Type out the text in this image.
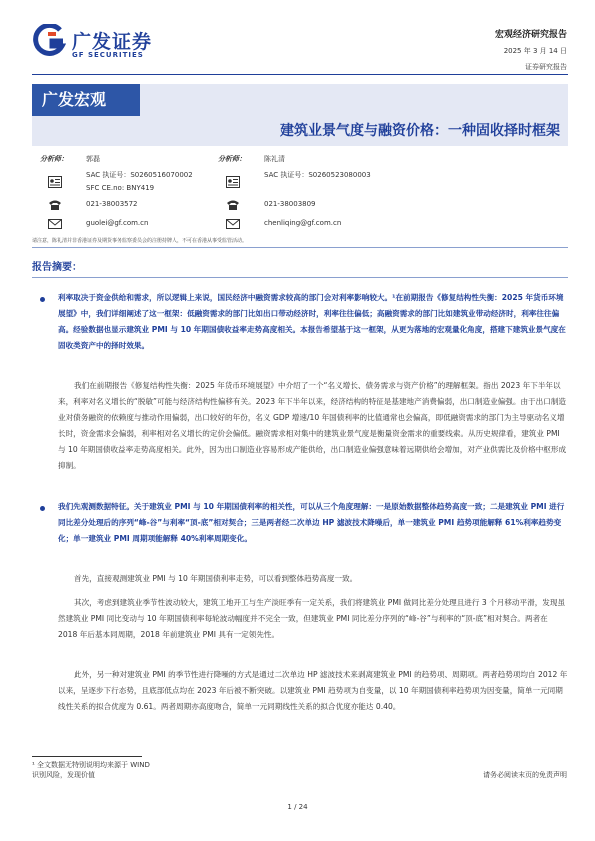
广发证券
GF SECURITIES
宏观经济研究报告
2025 年 3 月 14 日
证券研究报告
广发宏观
建筑业景气度与融资价格：一种固收择时框架
分析师：	郭磊
SAC 执证号：S0260516070002
SFC CE.no: BNY419
021-38003572
guolei@gf.com.cn
分析师：	陈礼清
SAC 执证号：S0260523080003
021-38003809
chenliqing@gf.com.cn
请注意，陈礼清并非香港证券及期货事务监察委员会的注册持牌人，不可在香港从事受监管活动。
报告摘要：
利率取决于资金供给和需求，所以逻辑上来说，国民经济中融资需求较高的部门会对利率影响较大。¹在前期报告《修复结构性失衡：2025 年货币环境展望》中，我们详细阐述了这一框架：低融资需求的部门比如出口带动经济时，利率往往偏低；高融资需求的部门比如建筑业带动经济时，利率往往偏高。经验数据也显示建筑业 PMI 与 10 年期国债收益率走势高度相关。本报告希望基于这一框架，从更为落地的宏观量化角度，搭建下建筑业景气度在固收类资产中的择时效果。
我们在前期报告《修复结构性失衡：2025 年货币环境展望》中介绍了一个“名义增长、债务需求与资产价格”的理解框架。指出 2023 年下半年以来，利率对名义增长的“脱敏”可能与经济结构性偏移有关。2023 年下半年以来，经济结构的特征是基建地产消费偏弱，出口制造业偏强。由于出口制造业对债务融资的依赖度与推动作用偏弱，出口较好的年份，名义 GDP 增速/10 年国债利率的比值通常也会偏高，即低融资需求的部门为主导驱动名义增长时，资金需求会偏弱，利率相对名义增长的定价会偏低。融资需求相对集中的建筑业景气度是衡量资金需求的重要线索。从历史规律看，建筑业 PMI 与 10 年期国债收益率走势高度相关。此外，因为出口制造业容易形成产能供给，出口制造业偏强意味着远期供给会增加，对产业供需比及价格中枢形成抑制。
我们先观测数据特征。关于建筑业 PMI 与 10 年期国债利率的相关性，可以从三个角度理解：一是原始数据整体趋势高度一致；二是建筑业 PMI 进行同比差分处理后的序列“峰-谷”与利率“顶-底”相对契合；三是两者经二次单边 HP 滤波技术降噪后，单一建筑业 PMI 趋势项能解释 61%利率趋势变化；单一建筑业 PMI 周期项能解释 40%利率周期变化。
首先，直接观测建筑业 PMI 与 10 年期国债利率走势，可以看到整体趋势高度一致。
其次，考虑到建筑业季节性波动较大，建筑工地开工与生产淡旺季有一定关系，我们将建筑业 PMI 做同比差分处理且进行 3 个月移动平滑，发现虽然建筑业 PMI 同比变动与 10 年期国债利率每轮波动幅度并不完全一致，但建筑业 PMI 同比差分序列的“峰-谷”与利率的“顶-底”相对契合。两者在 2018 年后基本同周期，2018 年前建筑业 PMI 具有一定领先性。
此外，另一种对建筑业 PMI 的季节性进行降噪的方式是通过二次单边 HP 滤波技术来剥离建筑业 PMI 的趋势项、周期项。两者趋势项均自 2012 年以来，呈逐步下行态势，且底部低点均在 2023 年后被不断突破。以建筑业 PMI 趋势项为自变量，以 10 年期国债利率趋势项为因变量，简单一元同期线性关系的拟合优度为 0.61。两者周期亦高度吻合，简单一元同期线性关系的拟合优度亦能达 0.40。
¹ 全文数据无特别说明均来源于 WIND
识别风险，发现价值	请务必阅读末页的免责声明
1 / 24
